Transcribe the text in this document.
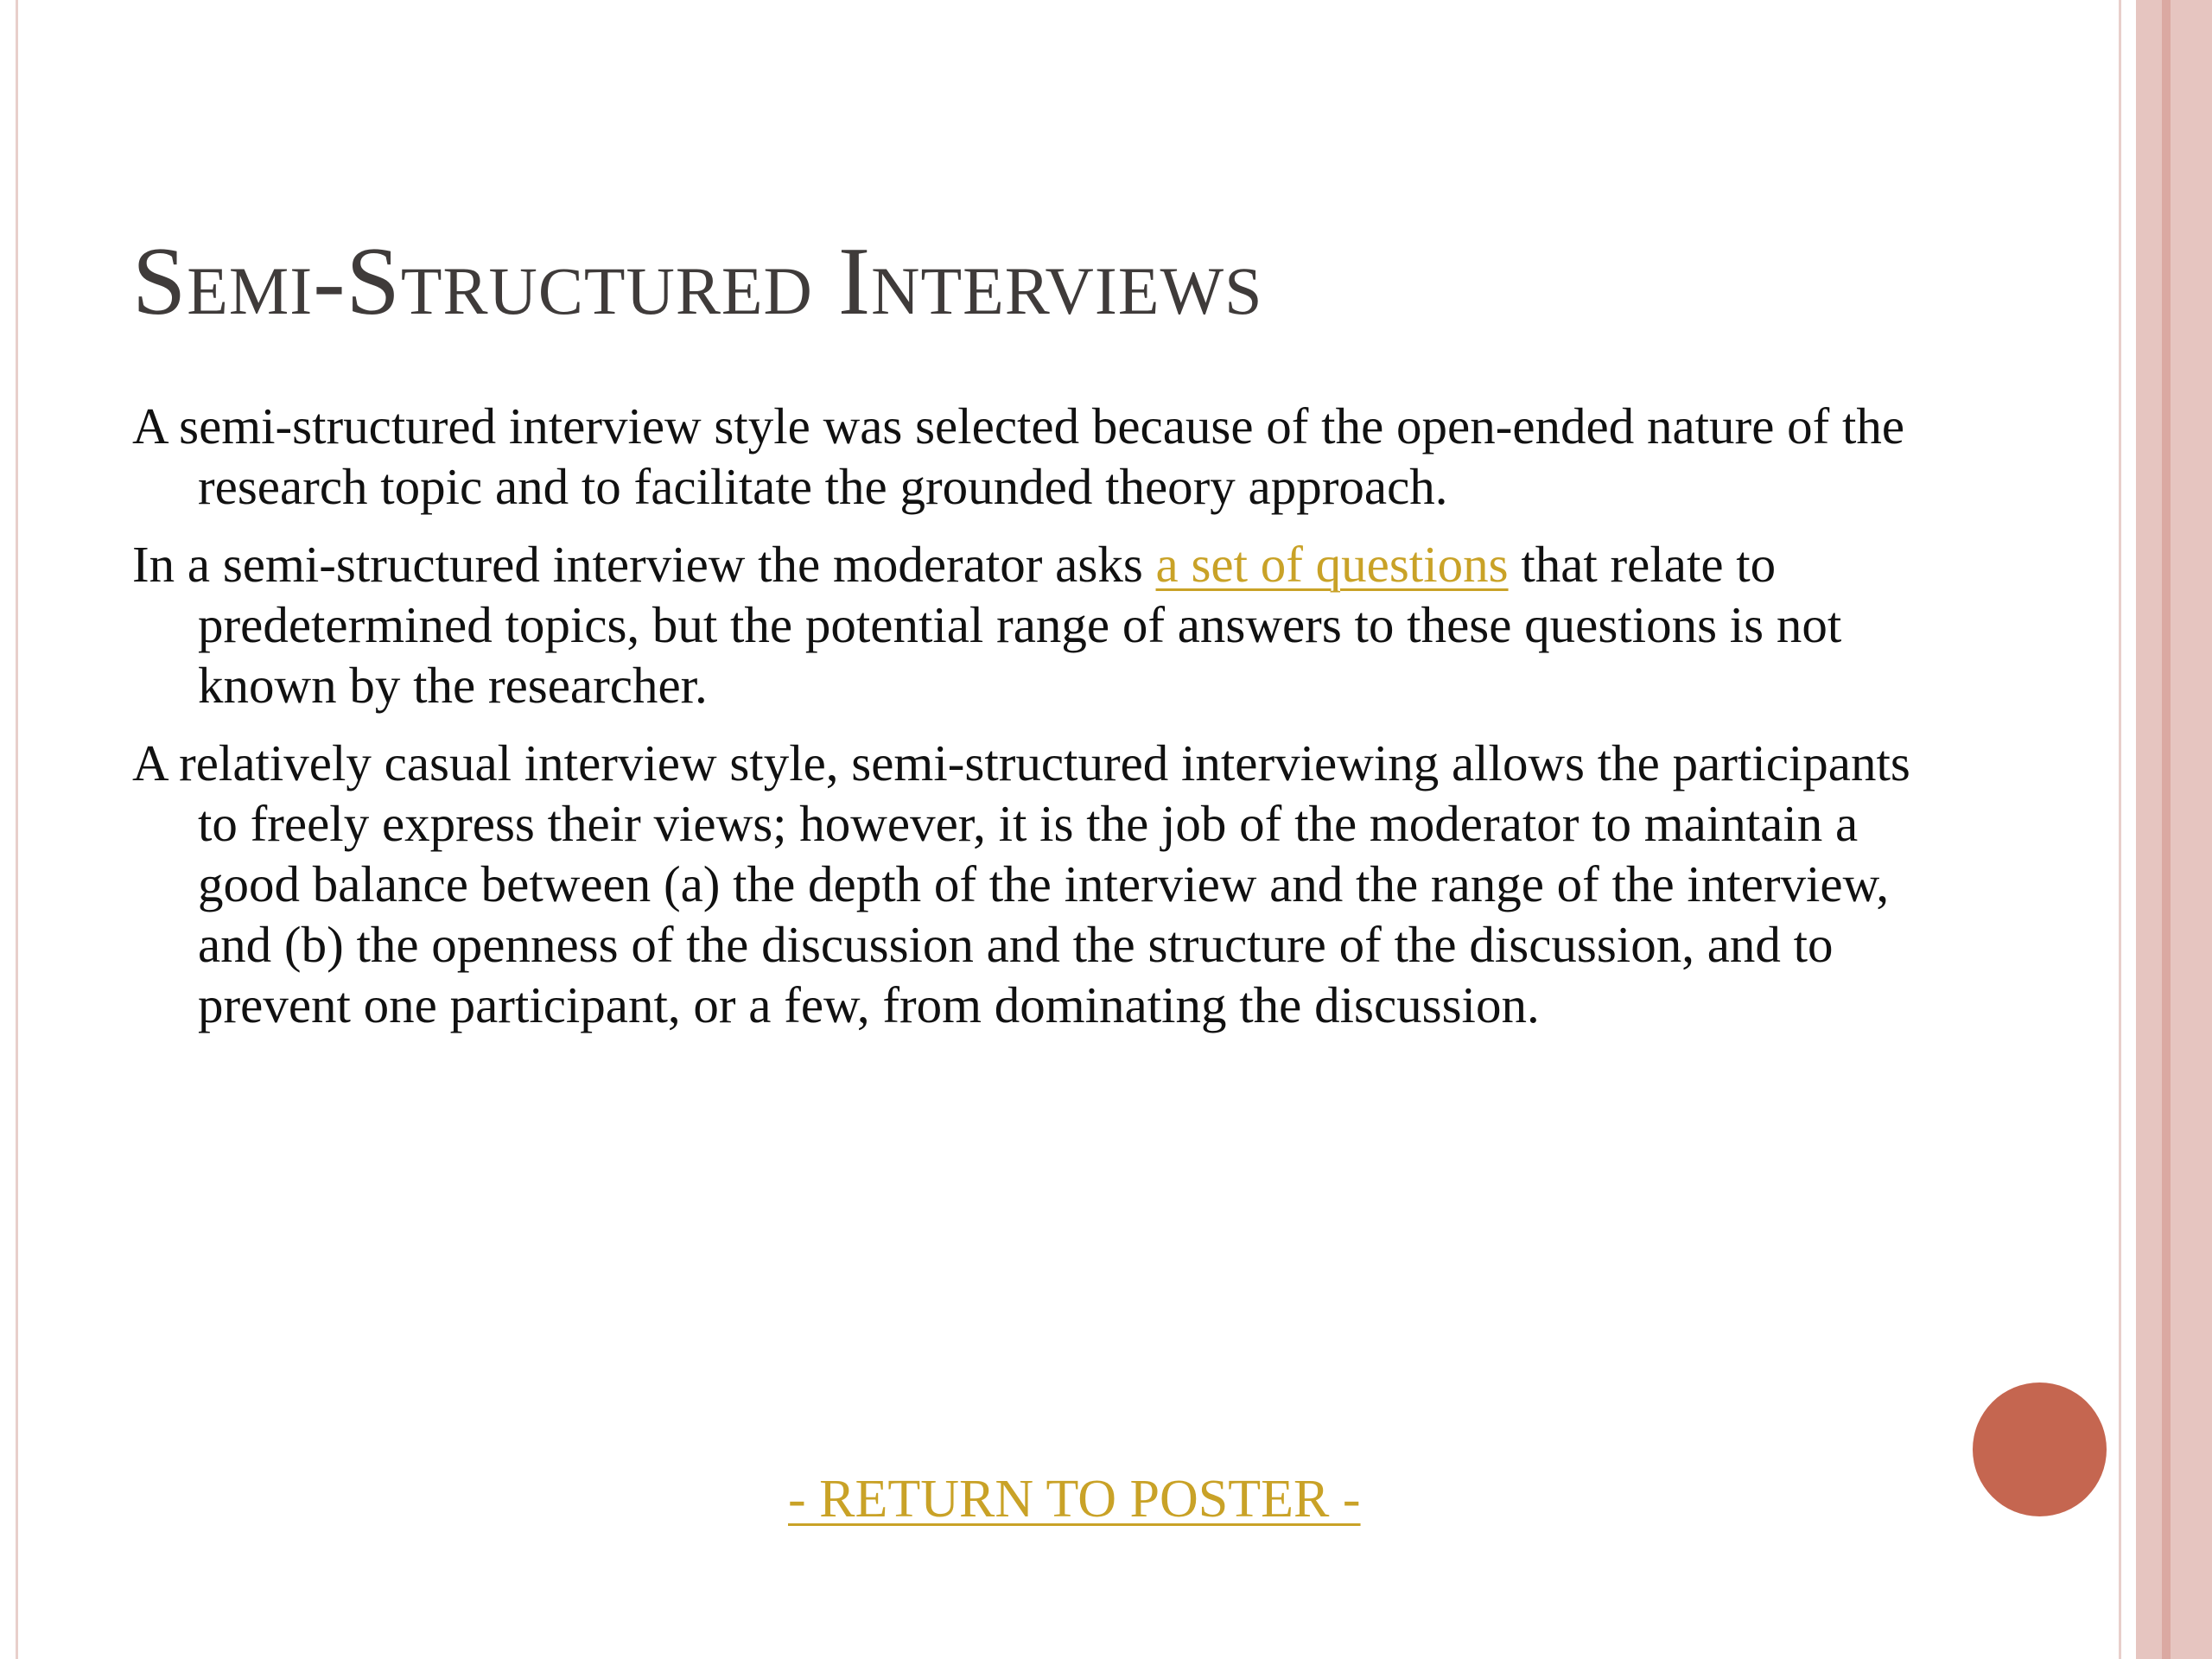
Semi-Structured Interviews

A semi-structured interview style was selected because of the open-ended nature of the research topic and to facilitate the grounded theory approach.

In a semi-structured interview the moderator asks a set of questions that relate to predetermined topics, but the potential range of answers to these questions is not known by the researcher.

A relatively casual interview style, semi-structured interviewing allows the participants to freely express their views; however, it is the job of the moderator to maintain a good balance between (a) the depth of the interview and the range of the interview, and (b) the openness of the discussion and the structure of the discussion, and to prevent one participant, or a few, from dominating the discussion.

- RETURN TO POSTER -
